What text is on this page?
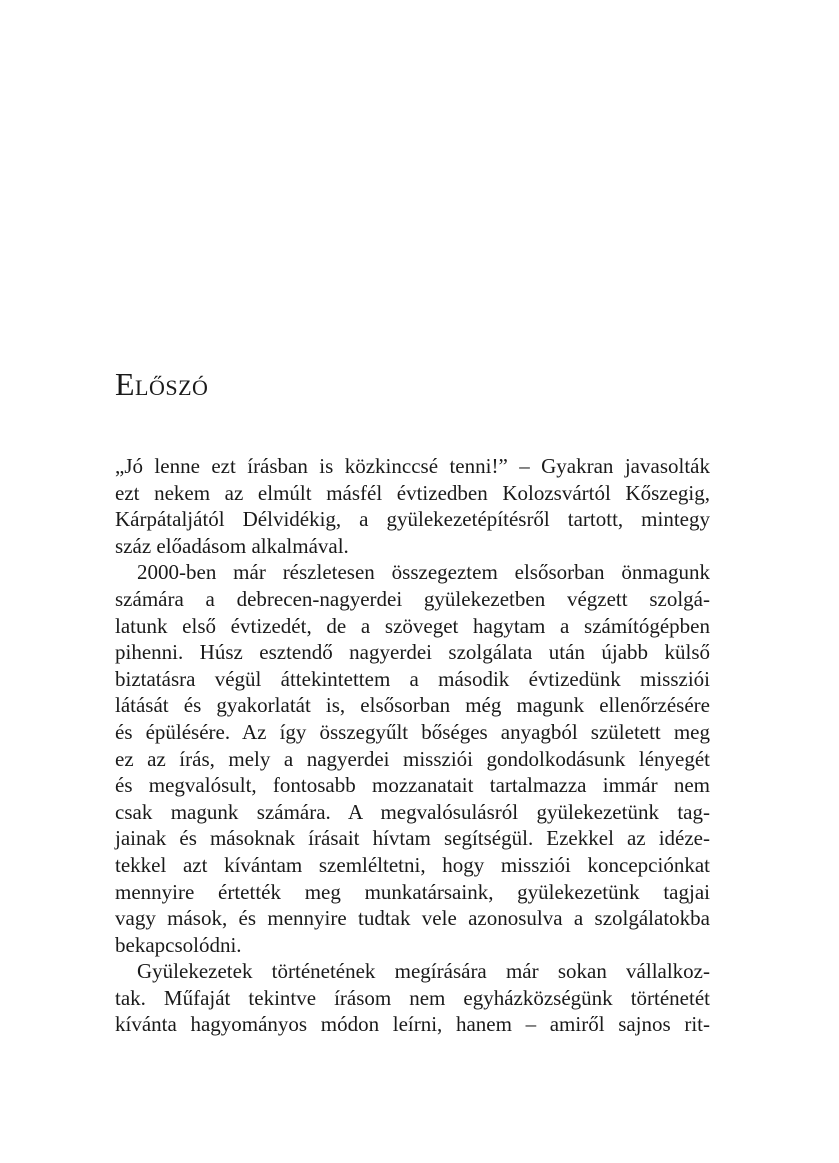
Előszó
„Jó lenne ezt írásban is közkinccsé tenni!” – Gyakran javasolták
ezt nekem az elmúlt másfél évtizedben Kolozsvártól Kőszegig,
Kárpátaljától Délvidékig, a gyülekezetépítésről tartott, mintegy
száz előadásom alkalmával.
2000-ben már részletesen összegeztem elsősorban önmagunk
számára a debrecen-nagyerdei gyülekezetben végzett szolgá-
latunk első évtizedét, de a szöveget hagytam a számítógépben
pihenni. Húsz esztendő nagyerdei szolgálata után újabb külső
biztatásra végül áttekintettem a második évtizedünk missziói
látását és gyakorlatát is, elsősorban még magunk ellenőrzésére
és épülésére. Az így összegyűlt bőséges anyagból született meg
ez az írás, mely a nagyerdei missziói gondolkodásunk lényegét
és megvalósult, fontosabb mozzanatait tartalmazza immár nem
csak magunk számára. A megvalósulásról gyülekezetünk tag-
jainak és másoknak írásait hívtam segítségül. Ezekkel az idéze-
tekkel azt kívántam szemléltetni, hogy missziói koncepciónkat
mennyire értették meg munkatársaink, gyülekezetünk tagjai
vagy mások, és mennyire tudtak vele azonosulva a szolgálatokba
bekapcsolódni.
Gyülekezetek történetének megírására már sokan vállalkoz-
tak. Műfaját tekintve írásom nem egyházközségünk történetét
kívánta hagyományos módon leírni, hanem – amiről sajnos rit-
